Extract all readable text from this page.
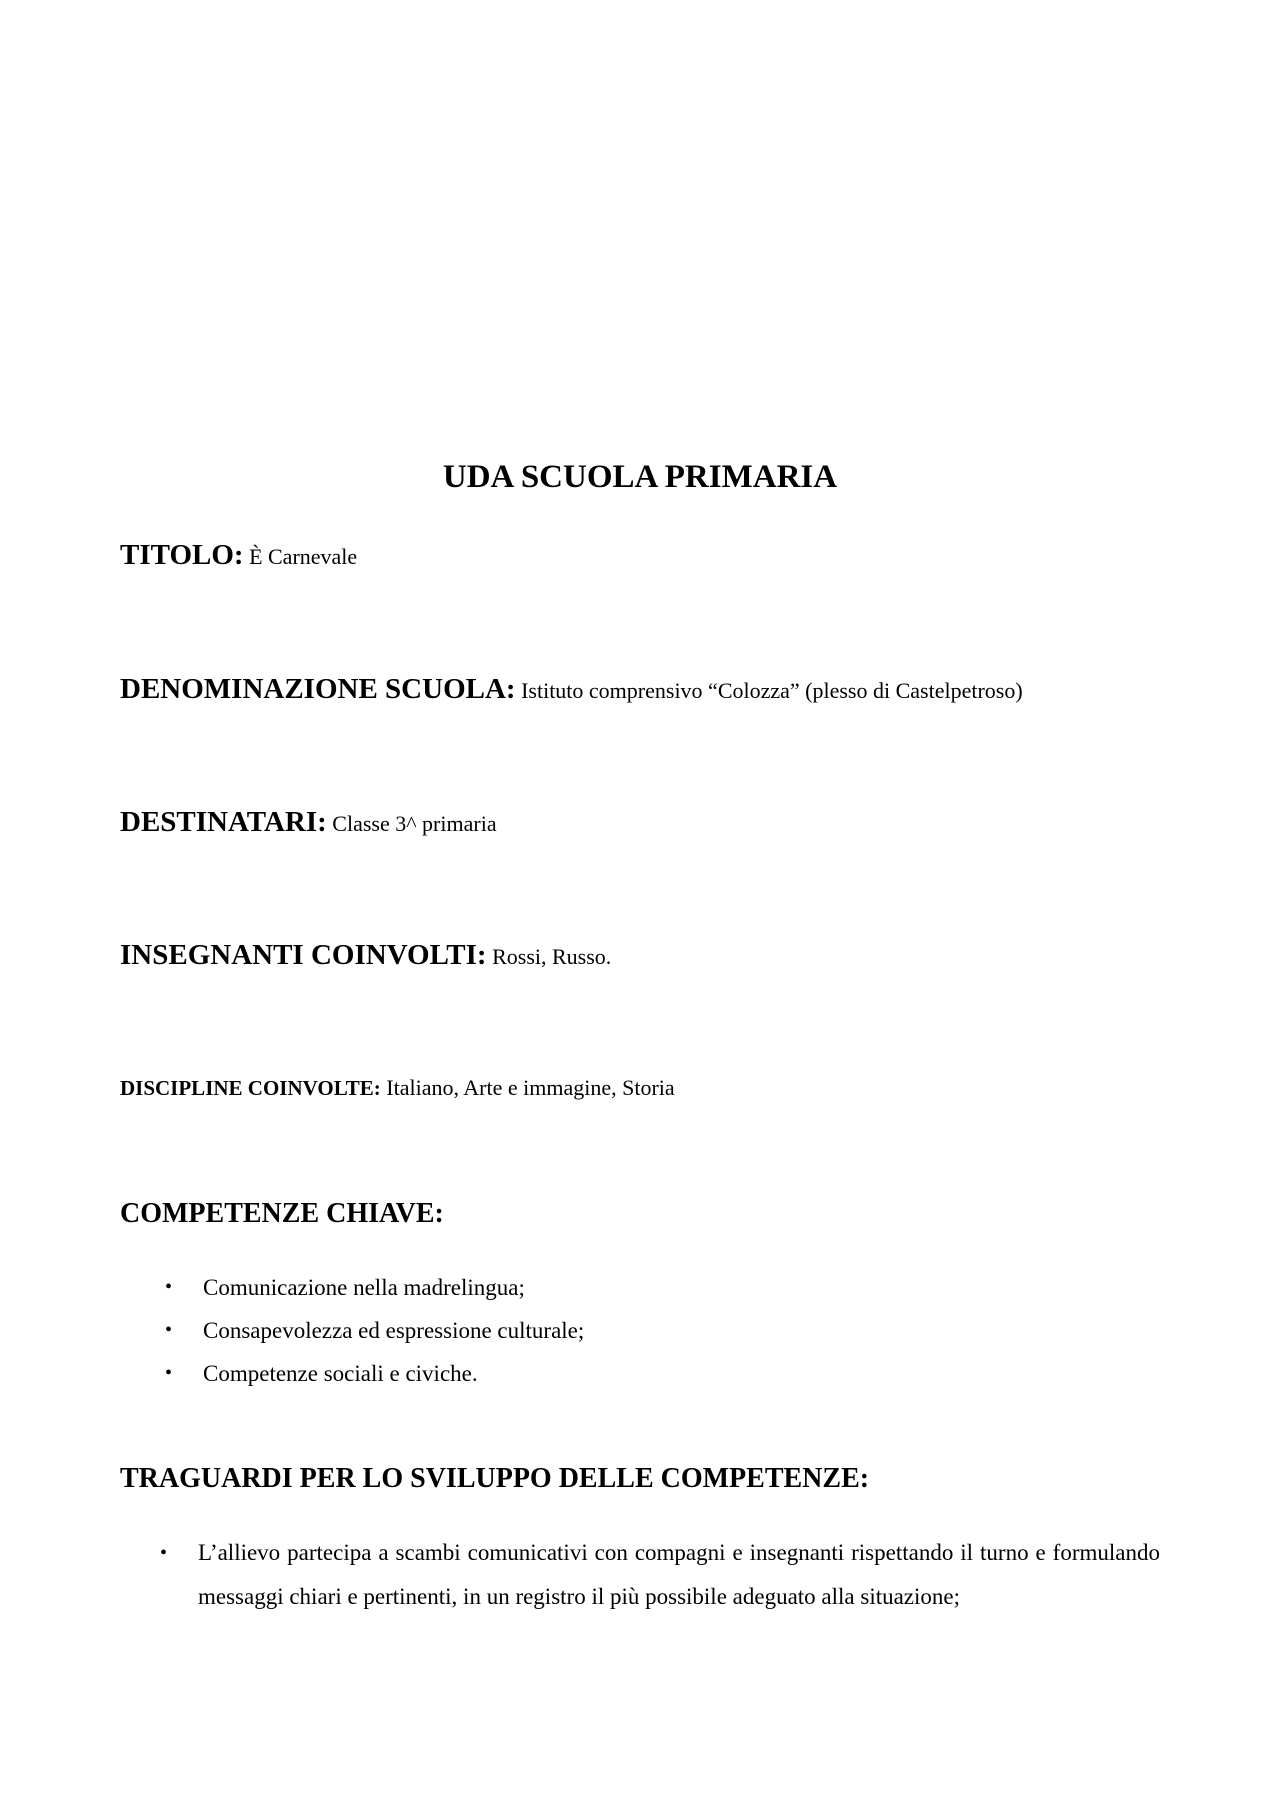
UDA SCUOLA PRIMARIA

TITOLO: È Carnevale

DENOMINAZIONE SCUOLA: Istituto comprensivo “Colozza” (plesso di Castelpetroso)

DESTINATARI: Classe 3^ primaria

INSEGNANTI COINVOLTI: Rossi, Russo.

DISCIPLINE COINVOLTE: Italiano, Arte e immagine, Storia

COMPETENZE CHIAVE:
• Comunicazione nella madrelingua;
• Consapevolezza ed espressione culturale;
• Competenze sociali e civiche.
TRAGUARDI PER LO SVILUPPO DELLE COMPETENZE:
• L’allievo partecipa a scambi comunicativi con compagni e insegnanti rispettando il turno e formulando messaggi chiari e pertinenti, in un registro il più possibile adeguato alla situazione;
